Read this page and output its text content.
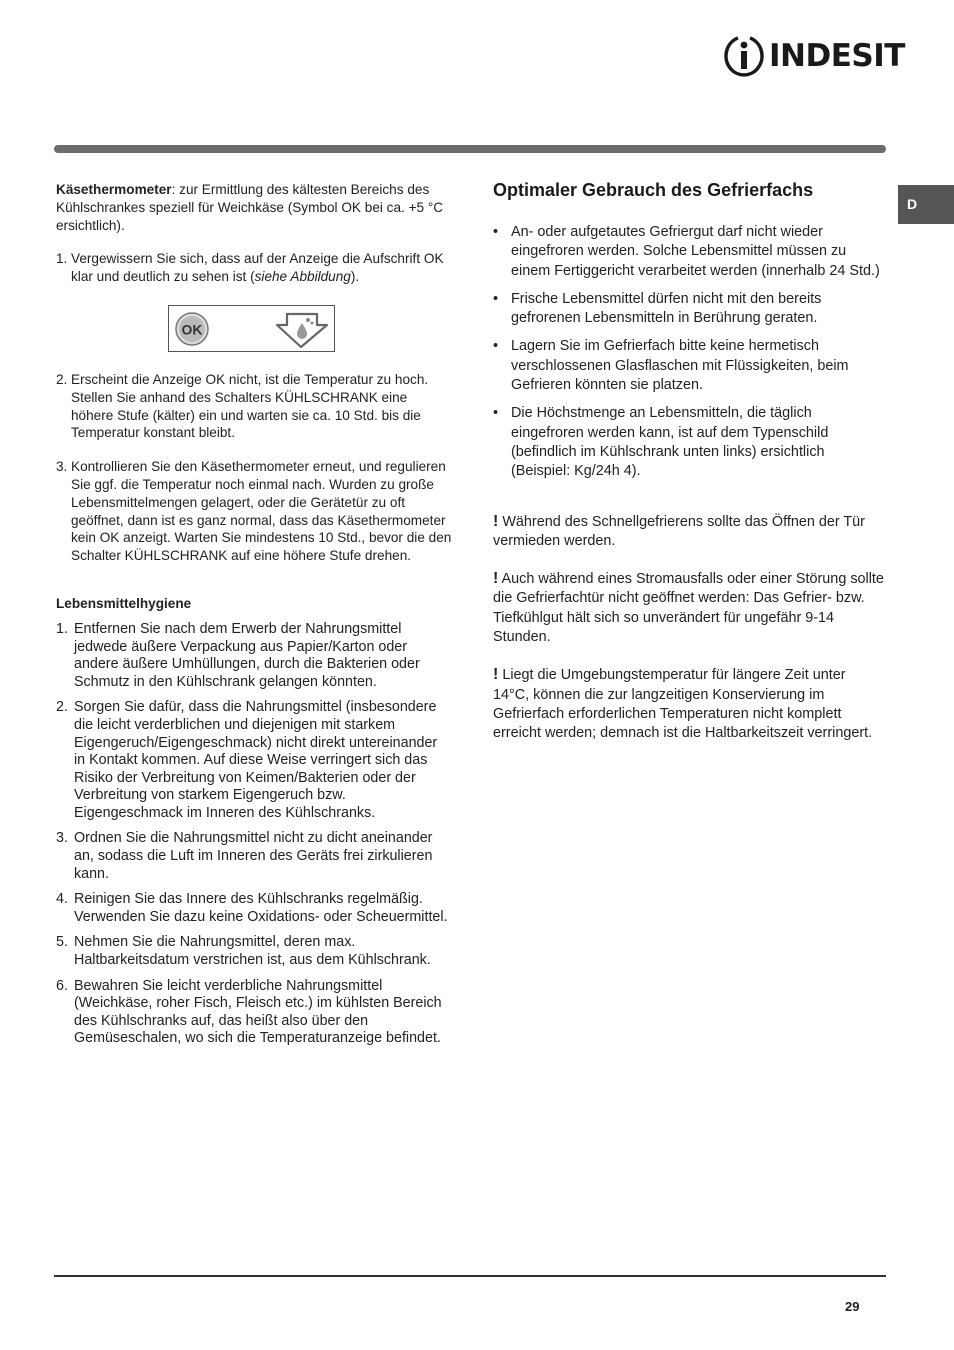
INDESIT
D

Käsethermometer: zur Ermittlung des kältesten Bereichs des Kühlschrankes speziell für Weichkäse (Symbol OK bei ca. +5 °C ersichtlich).

1. Vergewissern Sie sich, dass auf der Anzeige die Aufschrift OK klar und deutlich zu sehen ist (siehe Abbildung).
OK
2. Erscheint die Anzeige OK nicht, ist die Temperatur zu hoch. Stellen Sie anhand des Schalters KÜHLSCHRANK eine höhere Stufe (kälter) ein und warten sie ca. 10 Std. bis die Temperatur konstant bleibt.
3. Kontrollieren Sie den Käsethermometer erneut, und regulieren Sie ggf. die Temperatur noch einmal nach. Wurden zu große Lebensmittelmengen gelagert, oder die Gerätetür zu oft geöffnet, dann ist es ganz normal, dass das Käsethermometer kein OK anzeigt. Warten Sie mindestens 10 Std., bevor die den Schalter KÜHLSCHRANK auf eine höhere Stufe drehen.
Lebensmittelhygiene
1. Entfernen Sie nach dem Erwerb der Nahrungsmittel jedwede äußere Verpackung aus Papier/Karton oder andere äußere Umhüllungen, durch die Bakterien oder Schmutz in den Kühlschrank gelangen könnten.
2. Sorgen Sie dafür, dass die Nahrungsmittel (insbesondere die leicht verderblichen und diejenigen mit starkem Eigengeruch/Eigengeschmack) nicht direkt untereinander in Kontakt kommen. Auf diese Weise verringert sich das Risiko der Verbreitung von Keimen/Bakterien oder der Verbreitung von starkem Eigengeruch bzw. Eigengeschmack im Inneren des Kühlschranks.
3. Ordnen Sie die Nahrungsmittel nicht zu dicht aneinander an, sodass die Luft im Inneren des Geräts frei zirkulieren kann.
4. Reinigen Sie das Innere des Kühlschranks regelmäßig. Verwenden Sie dazu keine Oxidations- oder Scheuermittel.
5. Nehmen Sie die Nahrungsmittel, deren max. Haltbarkeitsdatum verstrichen ist, aus dem Kühlschrank.
6. Bewahren Sie leicht verderbliche Nahrungsmittel (Weichkäse, roher Fisch, Fleisch etc.) im kühlsten Bereich des Kühlschranks auf, das heißt also über den Gemüseschalen, wo sich die Temperaturanzeige befindet.
Optimaler Gebrauch des Gefrierfachs
• An- oder aufgetautes Gefriergut darf nicht wieder eingefroren werden. Solche Lebensmittel müssen zu einem Fertiggericht verarbeitet werden (innerhalb 24 Std.)
• Frische Lebensmittel dürfen nicht mit den bereits gefrorenen Lebensmitteln in Berührung geraten.
• Lagern Sie im Gefrierfach bitte keine hermetisch verschlossenen Glasflaschen mit Flüssigkeiten, beim Gefrieren könnten sie platzen.
• Die Höchstmenge an Lebensmitteln, die täglich eingefroren werden kann, ist auf dem Typenschild (befindlich im Kühlschrank unten links) ersichtlich (Beispiel: Kg/24h 4).

! Während des Schnellgefrierens sollte das Öffnen der Tür vermieden werden.

! Auch während eines Stromausfalls oder einer Störung sollte die Gefrierfachtür nicht geöffnet werden: Das Gefrier- bzw. Tiefkühlgut hält sich so unverändert für ungefähr 9-14 Stunden.

! Liegt die Umgebungstemperatur für längere Zeit unter 14°C, können die zur langzeitigen Konservierung im Gefrierfach erforderlichen Temperaturen nicht komplett erreicht werden; demnach ist die Haltbarkeitszeit verringert.

29
